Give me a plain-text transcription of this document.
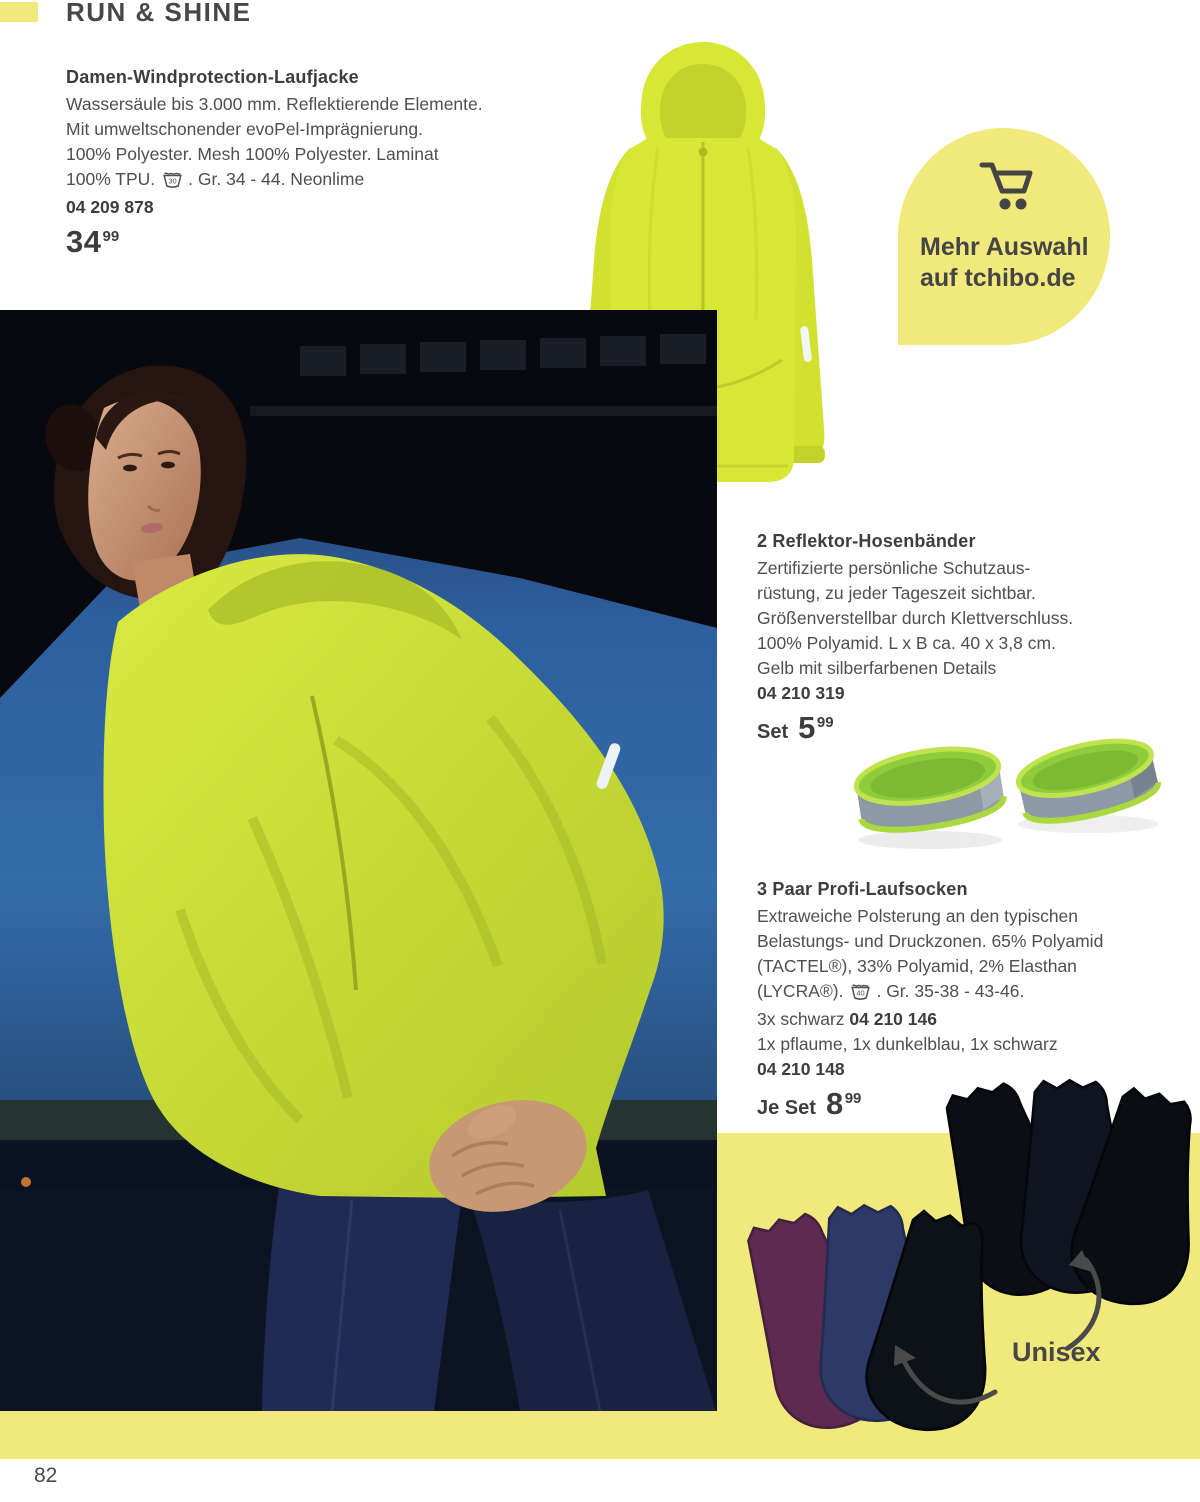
RUN & SHINE
Damen-Windprotection-Laufjacke
Wassersäule bis 3.000 mm. Reflektierende Elemente.
Mit umweltschonender evoPel-Imprägnierung.
100% Polyester. Mesh 100% Polyester. Laminat
100% TPU. 30 . Gr. 34 - 44. Neonlime
04 209 878
3499	Mehr Auswahl
auf tchibo.de
2 Reflektor-Hosenbänder
Zertifizierte persönliche Schutzaus-
rüstung, zu jeder Tageszeit sichtbar.
Größenverstellbar durch Klettverschluss.
100% Polyamid. L x B ca. 40 x 3,8 cm.
Gelb mit silberfarbenen Details
04 210 319
Set 599
3 Paar Profi-Laufsocken
Extraweiche Polsterung an den typischen
Belastungs- und Druckzonen. 65% Polyamid
(TACTEL®), 33% Polyamid, 2% Elasthan
(LYCRA®). 40 . Gr. 35-38 - 43-46.
3x schwarz 04 210 146
1x pflaume, 1x dunkelblau, 1x schwarz
04 210 148
Je Set 899
Unisex
82
